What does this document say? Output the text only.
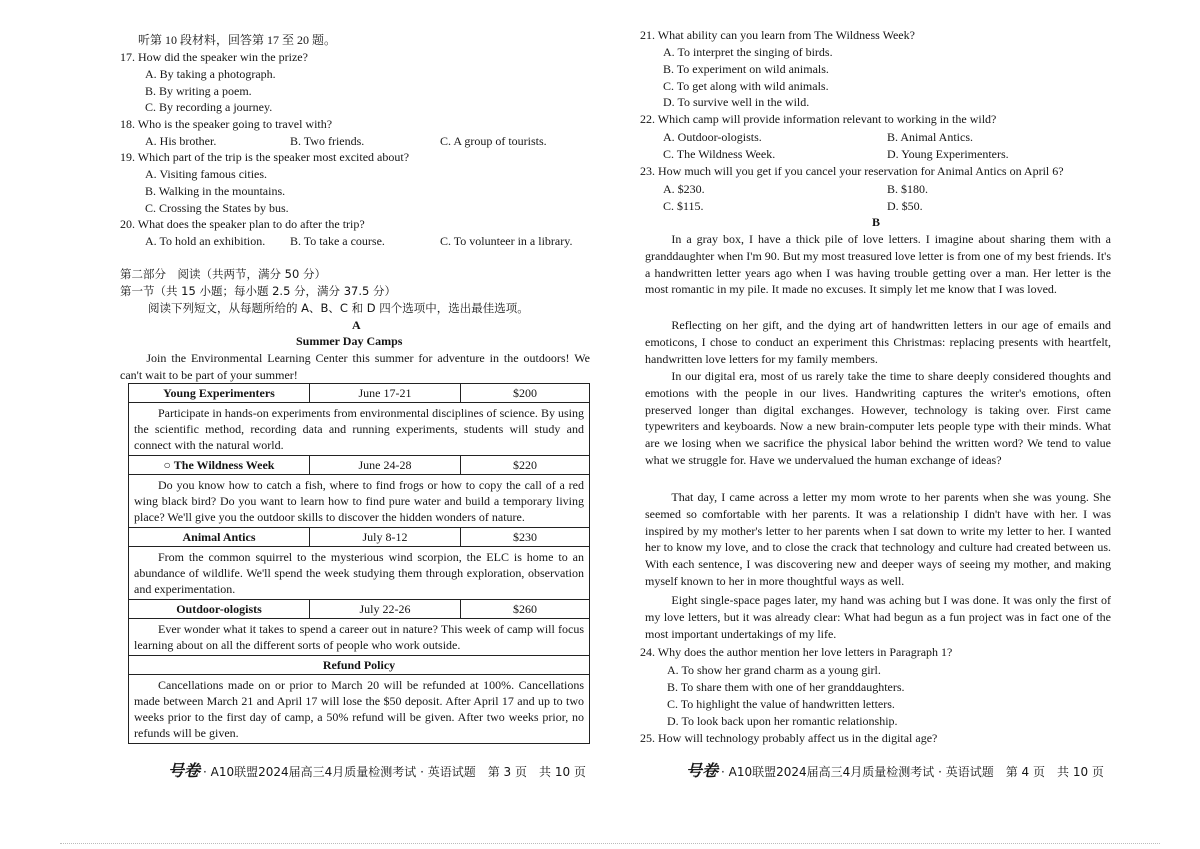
听第 10 段材料，回答第 17 至 20 题。
17. How did the speaker win the prize?
A. By taking a photograph.
B. By writing a poem.
C. By recording a journey.
18. Who is the speaker going to travel with?
A. His brother.	B. Two friends.	C. A group of tourists.
19. Which part of the trip is the speaker most excited about?
A. Visiting famous cities.
B. Walking in the mountains.
C. Crossing the States by bus.
20. What does the speaker plan to do after the trip?
A. To hold an exhibition. B. To take a course.	C. To volunteer in a library.
第二部分　阅读（共两节，满分 50 分）
第一节（共 15 小题；每小题 2.5 分，满分 37.5 分）
阅读下列短文，从每题所给的 A、B、C 和 D 四个选项中，选出最佳选项。
A
Summer Day Camps
Join the Environmental Learning Center this summer for adventure in the outdoors! We can't wait to be part of your summer!
Young Experimenters	June 17-21	$200
Participate in hands-on experiments from environmental disciplines of science. By using the scientific method, recording data and running experiments, students will study and connect with the natural world.		
○ The Wildness Week	June 24-28	$220
Do you know how to catch a fish, where to find frogs or how to copy the call of a red wing black bird? Do you want to learn how to find pure water and build a temporary living place? We'll give you the outdoor skills to discover the hidden wonders of nature.		
Animal Antics	July 8-12	$230
From the common squirrel to the mysterious wind scorpion, the ELC is home to an abundance of wildlife. We'll spend the week studying them through exploration, observation and experimentation.		
Outdoor-ologists	July 22-26	$260
Ever wonder what it takes to spend a career out in nature? This week of camp will focus learning about on all the different sorts of people who work outside.		
Refund Policy		
Cancellations made on or prior to March 20 will be refunded at 100%. Cancellations made between March 21 and April 17 will lose the $50 deposit. After April 17 and up to two weeks prior to the first day of camp, a 50% refund will be given. After two weeks prior, no refunds will be given.		
号卷 · A10联盟2024届高三4月质量检测考试 · 英语试题　第 3 页　共 10 页
21. What ability can you learn from The Wildness Week?
A. To interpret the singing of birds.
B. To experiment on wild animals.
C. To get along with wild animals.
D. To survive well in the wild.
22. Which camp will provide information relevant to working in the wild?
A. Outdoor-ologists.	B. Animal Antics.
C. The Wildness Week.	D. Young Experimenters.
23. How much will you get if you cancel your reservation for Animal Antics on April 6?
A. $230.	B. $180.
C. $115.	D. $50.
B
In a gray box, I have a thick pile of love letters. I imagine about sharing them with a granddaughter when I'm 90. But my most treasured love letter is from one of my best friends. It's a handwritten letter years ago when I was having trouble getting over a man. Her letter is the most romantic in my pile. It made no excuses. It simply let me know that I was loved.
Reflecting on her gift, and the dying art of handwritten letters in our age of emails and emoticons, I chose to conduct an experiment this Christmas: replacing presents with heartfelt, handwritten love letters for my family members.
In our digital era, most of us rarely take the time to share deeply considered thoughts and emotions with the people in our lives. Handwriting captures the writer's emotions, often preserved longer than digital exchanges. However, technology is taking over. First came typewriters and keyboards. Now a new brain-computer lets people type with their minds. What are we losing when we sacrifice the physical labor behind the written word? We tend to value what we struggle for. Have we undervalued the human exchange of ideas?
That day, I came across a letter my mom wrote to her parents when she was young. She seemed so comfortable with her parents. It was a relationship I didn't have with her. I was inspired by my mother's letter to her parents when I sat down to write my letter to her. I wanted her to know my love, and to close the crack that technology and culture had created between us. With each sentence, I was discovering new and deeper ways of seeing my mother, and making myself known to her in more thoughtful ways as well.
Eight single-space pages later, my hand was aching but I was done. It was only the first of my love letters, but it was already clear: What had begun as a fun project was in fact one of the most important undertakings of my life.
24. Why does the author mention her love letters in Paragraph 1?
A. To show her grand charm as a young girl.
B. To share them with one of her granddaughters.
C. To highlight the value of handwritten letters.
D. To look back upon her romantic relationship.
25. How will technology probably affect us in the digital age?
号卷 · A10联盟2024届高三4月质量检测考试 · 英语试题　第 4 页　共 10 页
